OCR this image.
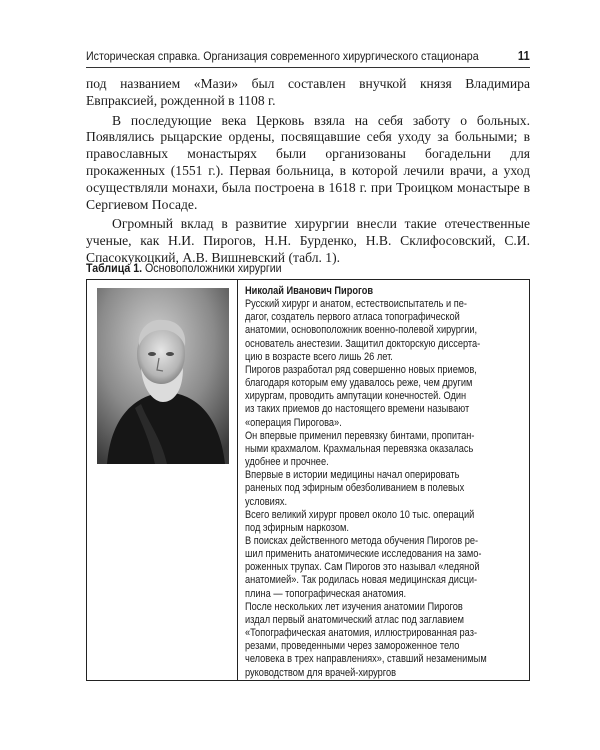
Историческая справка. Организация современного хирургического стационара	11

под названием «Мази» был составлен внучкой князя Владимира Евпраксией, рожденной в 1108 г.

В последующие века Церковь взяла на себя заботу о больных. Появлялись рыцарские ордены, посвящавшие себя уходу за больными; в православных монастырях были организованы богадельни для прокаженных (1551 г.). Первая больница, в которой лечили врачи, а уход осуществляли монахи, была построена в 1618 г. при Троицком монастыре в Сергиевом Посаде.

Огромный вклад в развитие хирургии внесли такие отечественные ученые, как Н.И. Пирогов, Н.Н. Бурденко, Н.В. Склифосовский, С.И. Спасокукоцкий, А.В. Вишневский (табл. 1).

Таблица 1. Основоположники хирургии
Николай Иванович Пирогов
Русский хирург и анатом, естествоиспытатель и пе-
дагог, создатель первого атласа топографической
анатомии, основоположник военно-полевой хирургии,
основатель анестезии. Защитил докторскую диссерта-
цию в возрасте всего лишь 26 лет.
Пирогов разработал ряд совершенно новых приемов,
благодаря которым ему удавалось реже, чем другим
хирургам, проводить ампутации конечностей. Один
из таких приемов до настоящего времени называют
«операция Пирогова».
Он впервые применил перевязку бинтами, пропитан-
ными крахмалом. Крахмальная перевязка оказалась
удобнее и прочнее.
Впервые в истории медицины начал оперировать
раненых под эфирным обезболиванием в полевых
условиях.
Всего великий хирург провел около 10 тыс. операций
под эфирным наркозом.
В поисках действенного метода обучения Пирогов ре-
шил применить анатомические исследования на замо-
роженных трупах. Сам Пирогов это называл «ледяной
анатомией». Так родилась новая медицинская дисци-
плина — топографическая анатомия.
После нескольких лет изучения анатомии Пирогов
издал первый анатомический атлас под заглавием
«Топографическая анатомия, иллюстрированная раз-
резами, проведенными через замороженное тело
человека в трех направлениях», ставший незаменимым
руководством для врачей-хирургов
